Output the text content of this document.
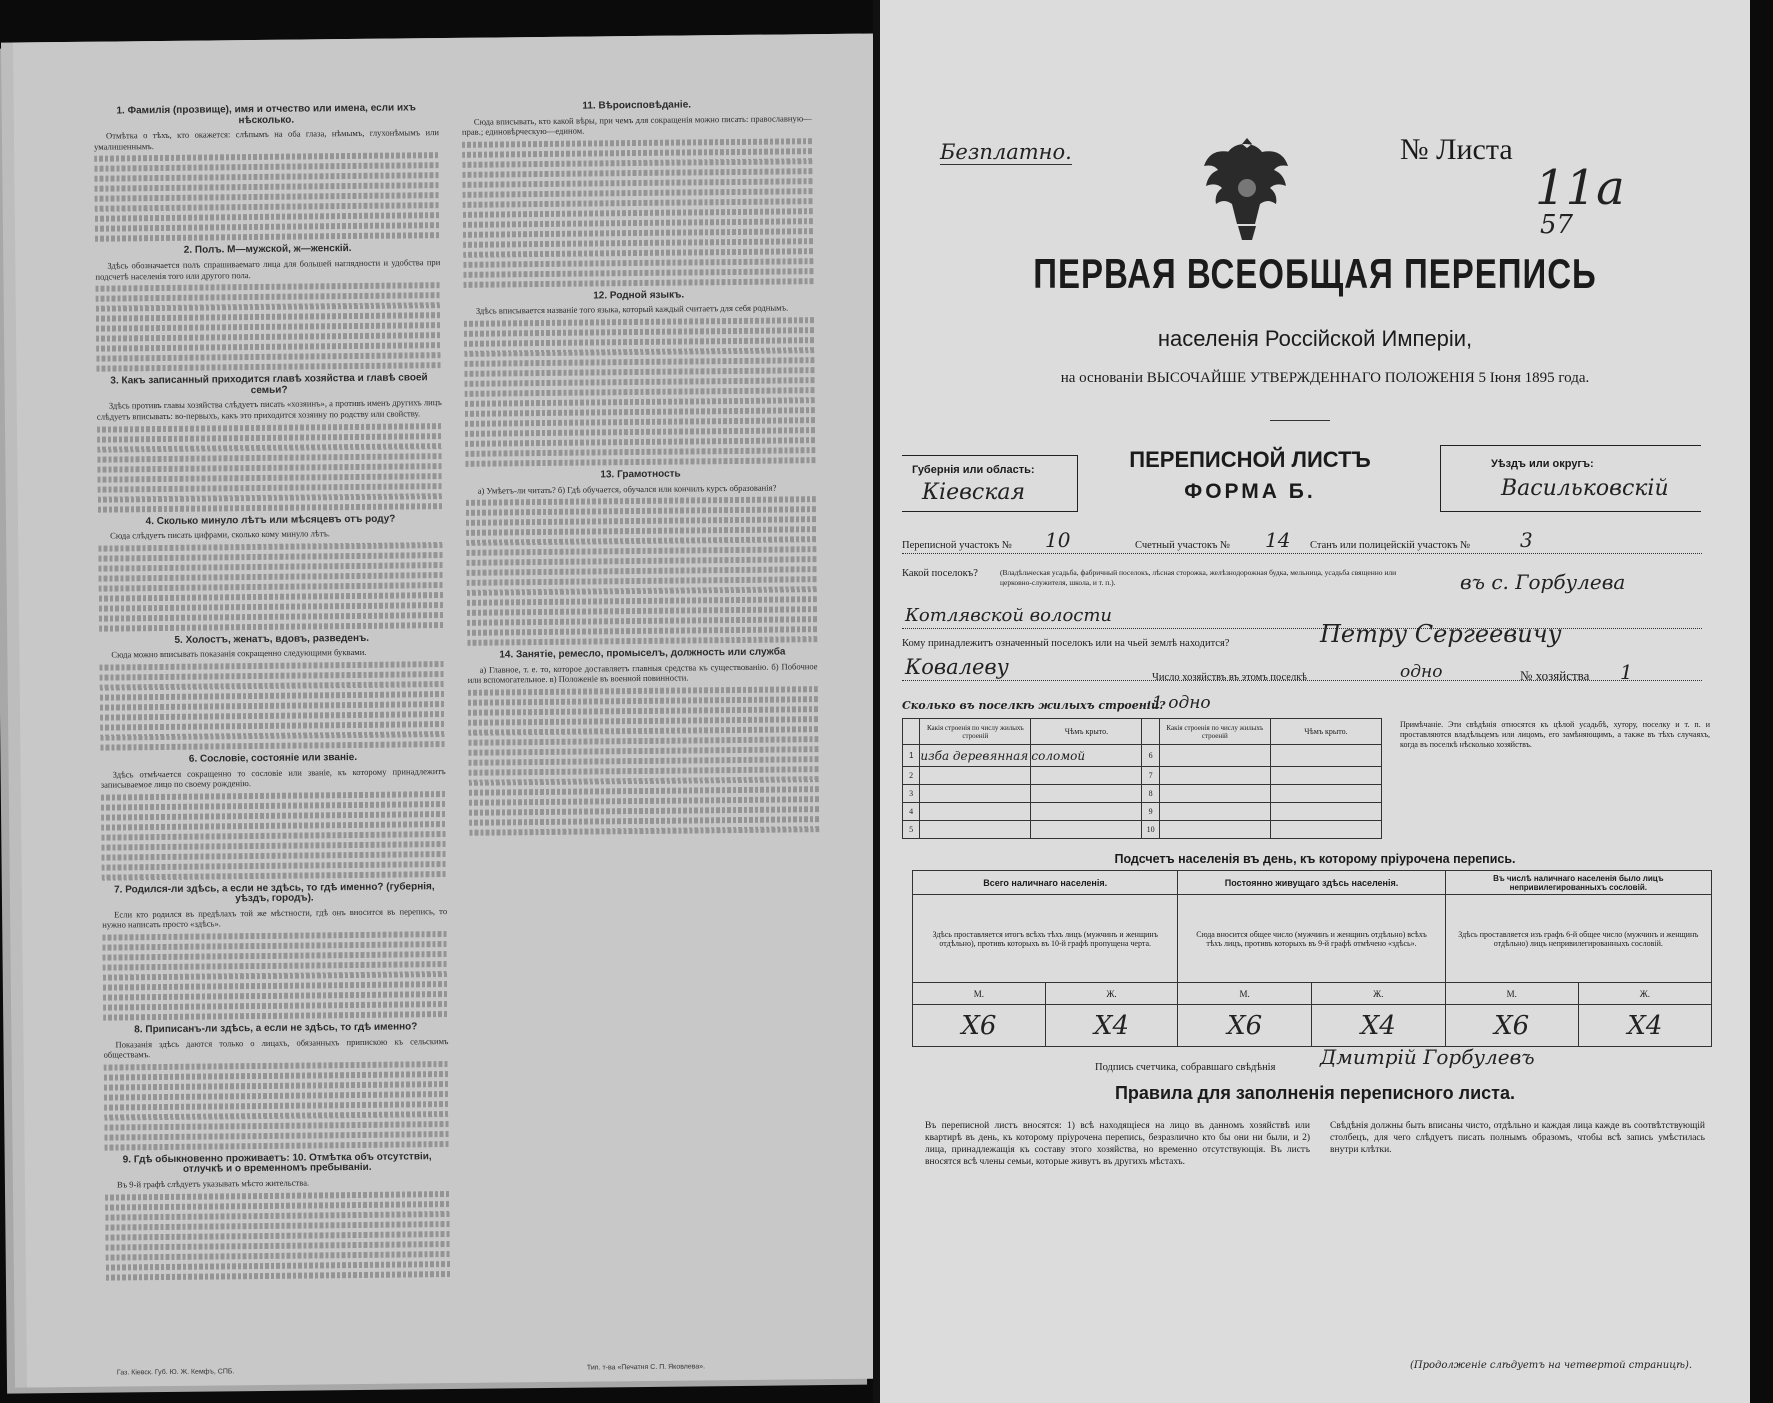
1. Фамилія (прозвище), имя и отчество или имена, если ихъ нѣсколько.

Отмѣтка о тѣхъ, кто окажется: слѣпымъ на оба глаза, нѣмымъ, глухонѣмымъ или умалишеннымъ.

2. Полъ. М—мужской, ж—женскій.

Здѣсь обозначается полъ спрашиваемаго лица для большей наглядности и удобства при подсчетѣ населенія того или другого пола.

3. Какъ записанный приходится главѣ хозяйства и главѣ своей семьи?

Здѣсь противъ главы хозяйства слѣдуетъ писать «хозяинъ», а противъ именъ другихъ лицъ слѣдуетъ вписывать: во-первыхъ, какъ это приходится хозяину по родству или свойству.

4. Сколько минуло лѣтъ или мѣсяцевъ отъ роду?

Сюда слѣдуетъ писать цифрами, сколько кому минуло лѣтъ.

5. Холостъ, женатъ, вдовъ, разведенъ.

Сюда можно вписывать показанія сокращенно следующими буквами.

6. Сословіе, состояніе или званіе.

Здѣсь отмѣчается сокращенно то сословіе или званіе, къ которому принадлежитъ записываемое лицо по своему рожденію.

7. Родился-ли здѣсь, а если не здѣсь, то гдѣ именно? (губернія, уѣздъ, городъ).

Если кто родился въ предѣлахъ той же мѣстности, гдѣ онъ вносится въ перепись, то нужно написать просто «здѣсь».

8. Приписанъ-ли здѣсь, а если не здѣсь, то гдѣ именно?

Показанія здѣсь даются только о лицахъ, обязанныхъ припискою къ сельскимъ обществамъ.

9. Гдѣ обыкновенно проживаетъ: 10. Отмѣтка объ отсутствіи, отлучкѣ и о временномъ пребываніи.

Въ 9-й графѣ слѣдуетъ указывать мѣсто жительства.

11. Вѣроисповѣданіе.

Сюда вписывать, кто какой вѣры, при чемъ для сокращенія можно писать: православную—прав.; единовѣрческую—едином.

12. Родной языкъ.

Здѣсь вписывается названіе того языка, который каждый считаетъ для себя роднымъ.

13. Грамотность

а) Умѣетъ-ли читать? б) Гдѣ обучается, обучался или кончилъ курсъ образованія?

14. Занятіе, ремесло, промыселъ, должность или служба

а) Главное, т. е. то, которое доставляетъ главныя средства къ существованію. б) Побочное или вспомогательное. в) Положеніе въ военной повинности.

Газ. Кіевск. Губ. Ю. Ж. Кемфъ, СПБ.
Тип. т-ва «Печатня С. П. Яковлева».
Безплатно.	№ Листа
11а
57
ПЕРВАЯ ВСЕОБЩАЯ ПЕРЕПИСЬ
населенія Россійской Имперіи,
на основаніи ВЫСОЧАЙШЕ УТВЕРЖДЕННАГО ПОЛОЖЕНІЯ 5 Іюня 1895 года.
Губернія или область:
Кіевская
ПЕРЕПИСНОЙ ЛИСТЪ
ФОРМА Б.
Уѣздъ или округъ:
Васильковскій
Переписной участокъ № 10	Счетный участокъ № 14 Станъ или полицейскій участокъ № 3
Какой поселокъ?	(Владѣльческая усадьба, фабричный поселокъ, лѣсная сторожка, желѣзнодорожная будка, мельница, усадьба священно или церковно-служителя, школа, и т. п.).	въ с. Горбулева
Котлявской волости
Кому принадлежитъ означенный поселокъ или на чьей землѣ находится?	Петру Сергеевичу
Ковалеву	Число хозяйствъ въ этомъ поселкѣ	одно	№ хозяйства 1
Сколько въ поселкѣ жилыхъ строеній?
1 одно
	Какія строенія по числу жилыхъ строеній	Чѣмъ крыто.		Какія строенія по числу жилыхъ строеній	Чѣмъ крыто.
1	изба деревянная	соломой	6		
2			7		
3			8		
4			9		
5			10		
Примѣчаніе. Эти свѣдѣнія относятся къ цѣлой усадьбѣ, хутору, поселку и т. п. и проставляются владѣльцемъ или лицомъ, его замѣняющимъ, а также въ тѣхъ случаяхъ, когда въ поселкѣ нѣсколько хозяйствъ.
Подсчетъ населенія въ день, къ которому пріурочена перепись.
Всего наличнаго населенія.		Постоянно живущаго здѣсь населенія.		Въ числѣ наличнаго населенія было лицъ непривилегированныхъ сословій.	
Здѣсь проставляется итогъ всѣхъ тѣхъ лицъ (мужчинъ и женщинъ отдѣльно), противъ которыхъ въ 10-й графѣ пропущена черта.		Сюда вносится общее число (мужчинъ и женщинъ отдѣльно) всѣхъ тѣхъ лицъ, противъ которыхъ въ 9-й графѣ отмѣчено «здѣсь».		Здѣсь проставляется изъ графъ 6-й общее число (мужчинъ и женщинъ отдѣльно) лицъ непривилегированныхъ сословій.	
М.	Ж.	М.	Ж.	М.	Ж.
Х6	Х4	Х6	Х4	Х6	Х4
Подпись счетчика, собравшаго свѣдѣнія Дмитрій Горбулевъ
Правила для заполненія переписного листа.
Въ переписной листъ вносятся: 1) всѣ находящіеся на лицо въ данномъ хозяйствѣ или квартирѣ въ день, къ которому пріурочена перепись, безразлично кто бы они ни были, и 2) лица, принадлежащія къ составу этого хозяйства, но временно отсутствующія. Въ листъ вносятся всѣ члены семьи, которые живутъ въ другихъ мѣстахъ.
Свѣдѣнія должны быть вписаны чисто, отдѣльно и каждая лица кажде въ соотвѣтствующій столбецъ, для чего слѣдуетъ писать полнымъ образомъ, чтобы всѣ запись умѣстилась внутри клѣтки.
(Продолженіе слѣдуетъ на четвертой страницѣ).
